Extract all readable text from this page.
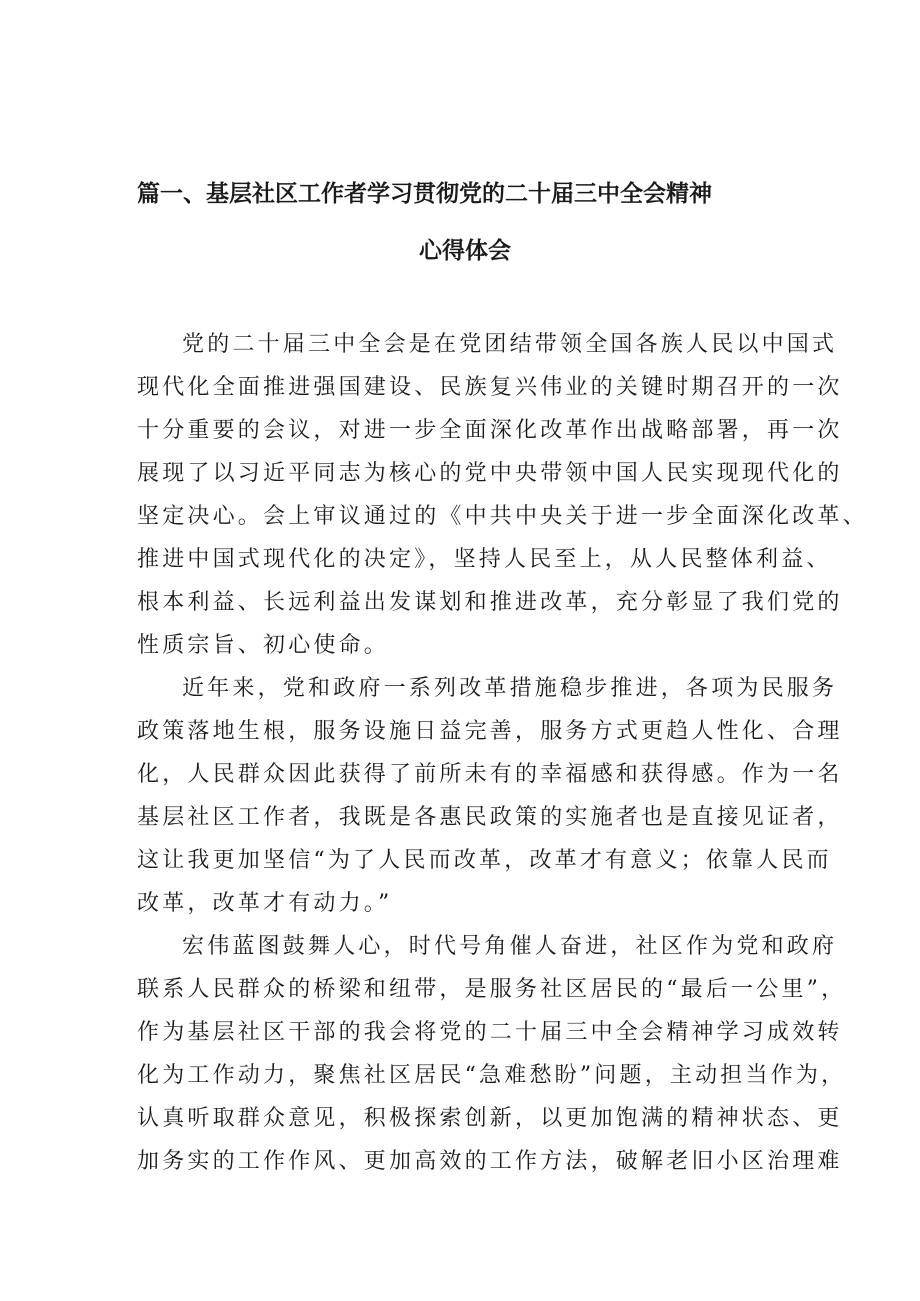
篇一、基层社区工作者学习贯彻党的二十届三中全会精神
心得体会
党的二十届三中全会是在党团结带领全国各族人民以中国式
现代化全面推进强国建设、民族复兴伟业的关键时期召开的一次
十分重要的会议，对进一步全面深化改革作出战略部署，再一次
展现了以习近平同志为核心的党中央带领中国人民实现现代化的
坚定决心。会上审议通过的《中共中央关于进一步全面深化改革、
推进中国式现代化的决定》，坚持人民至上，从人民整体利益、
根本利益、长远利益出发谋划和推进改革，充分彰显了我们党的
性质宗旨、初心使命。
近年来，党和政府一系列改革措施稳步推进，各项为民服务
政策落地生根，服务设施日益完善，服务方式更趋人性化、合理
化，人民群众因此获得了前所未有的幸福感和获得感。作为一名
基层社区工作者，我既是各惠民政策的实施者也是直接见证者，
这让我更加坚信“为了人民而改革，改革才有意义；依靠人民而
改革，改革才有动力。”
宏伟蓝图鼓舞人心，时代号角催人奋进，社区作为党和政府
联系人民群众的桥梁和纽带，是服务社区居民的“最后一公里”，
作为基层社区干部的我会将党的二十届三中全会精神学习成效转
化为工作动力，聚焦社区居民“急难愁盼”问题，主动担当作为，
认真听取群众意见，积极探索创新，以更加饱满的精神状态、更
加务实的工作作风、更加高效的工作方法，破解老旧小区治理难
